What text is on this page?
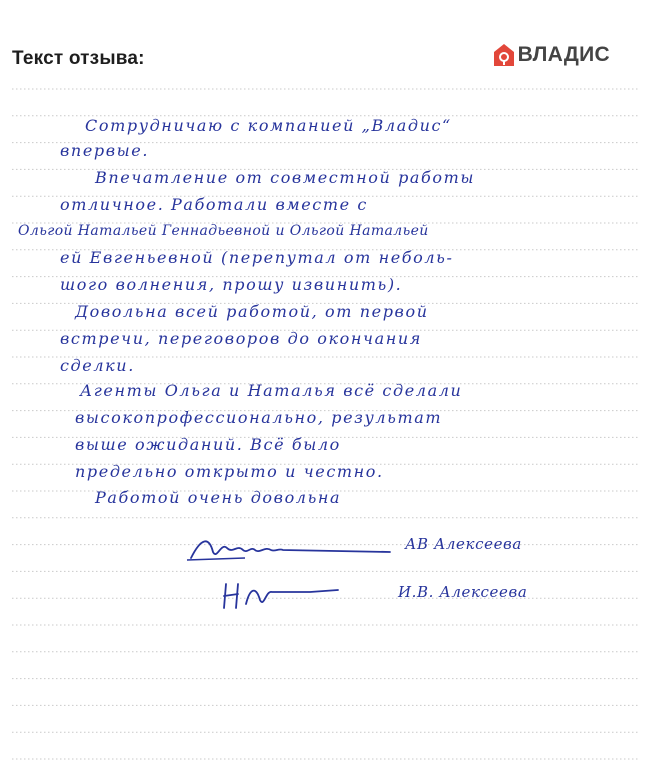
Текст отзыва:	ВЛАДИС
Сотрудничаю с компанией „Владис“
впервые.
Впечатление от совместной работы
отличное. Работали вместе с
Ольгой Натальей Геннадьевной и Ольгой Натальей
ей Евгеньевной (перепутал от неболь-
шого волнения, прошу извинить).
Довольна всей работой, от первой
встречи, переговоров до окончания
сделки.
Агенты Ольга и Наталья всё сделали
высокопрофессионально, результат
выше ожиданий. Всё было
предельно открыто и честно.
Работой очень довольна
АВ Алексеева
И.В. Алексеева
